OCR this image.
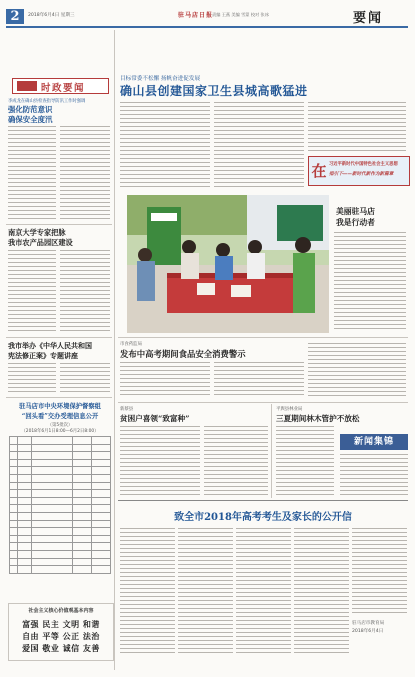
2	2018年6月4日 星期三	驻马店日报
责编 王燕 美编 雪蒙 校对 张冰	要闻
时政要闻
李成龙在确山县检查指导防汛工作时强调
强化防范意识
确保安全度汛
南京大学专家把脉
我市农产品园区建设
我市举办《中华人民共和国
宪法修正案》专题讲座
驻马店市中央环境保护督察组
“回头看”交办受理信息公开
（第5批次）
（2018年6月1日8:00—6月2日8:00）

社会主义核心价值观基本内容
富强 民主 文明 和谐
自由 平等 公正 法治
爱国 敬业 诚信 友善
目标常委不松懈 扬帆奋进促发展
确山县创建国家卫生县城高歌猛进
在 习近平新时代中国特色社会主义思想
指引下——新时代新作为新篇章
美丽驻马店
我是行动者
市食药监局
发布中高考期间食品安全消费警示
新蔡县
贫困户喜领“致富种”
平舆县林业局
三夏期间林木管护不放松
新闻集锦
致全市2018年高考考生及家长的公开信
驻马店市教育局
2018年6月4日
